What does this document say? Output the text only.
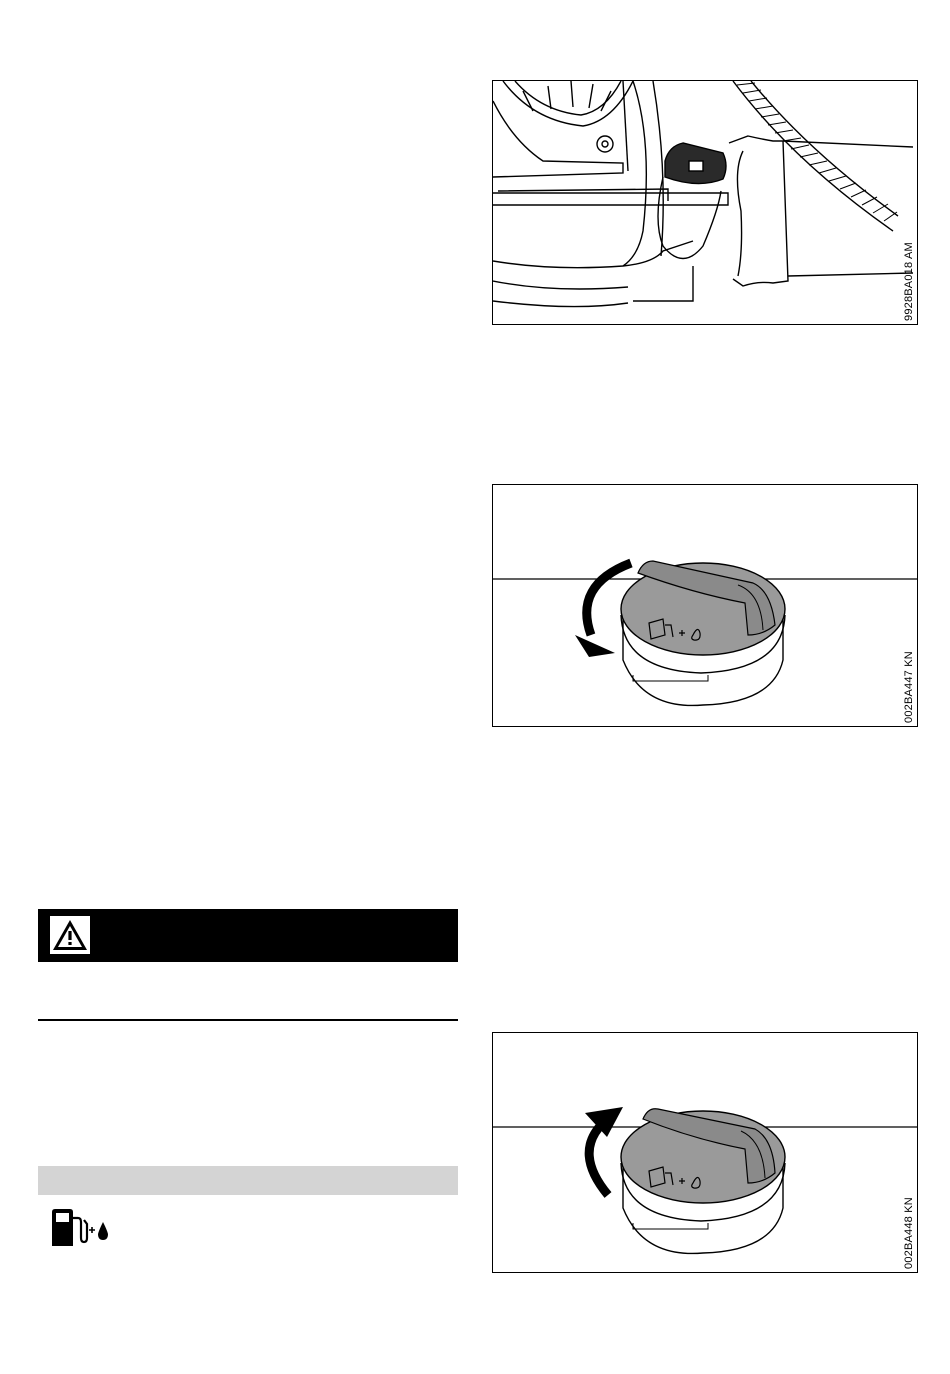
9928BA018 AM
002BA447 KN
002BA448 KN
